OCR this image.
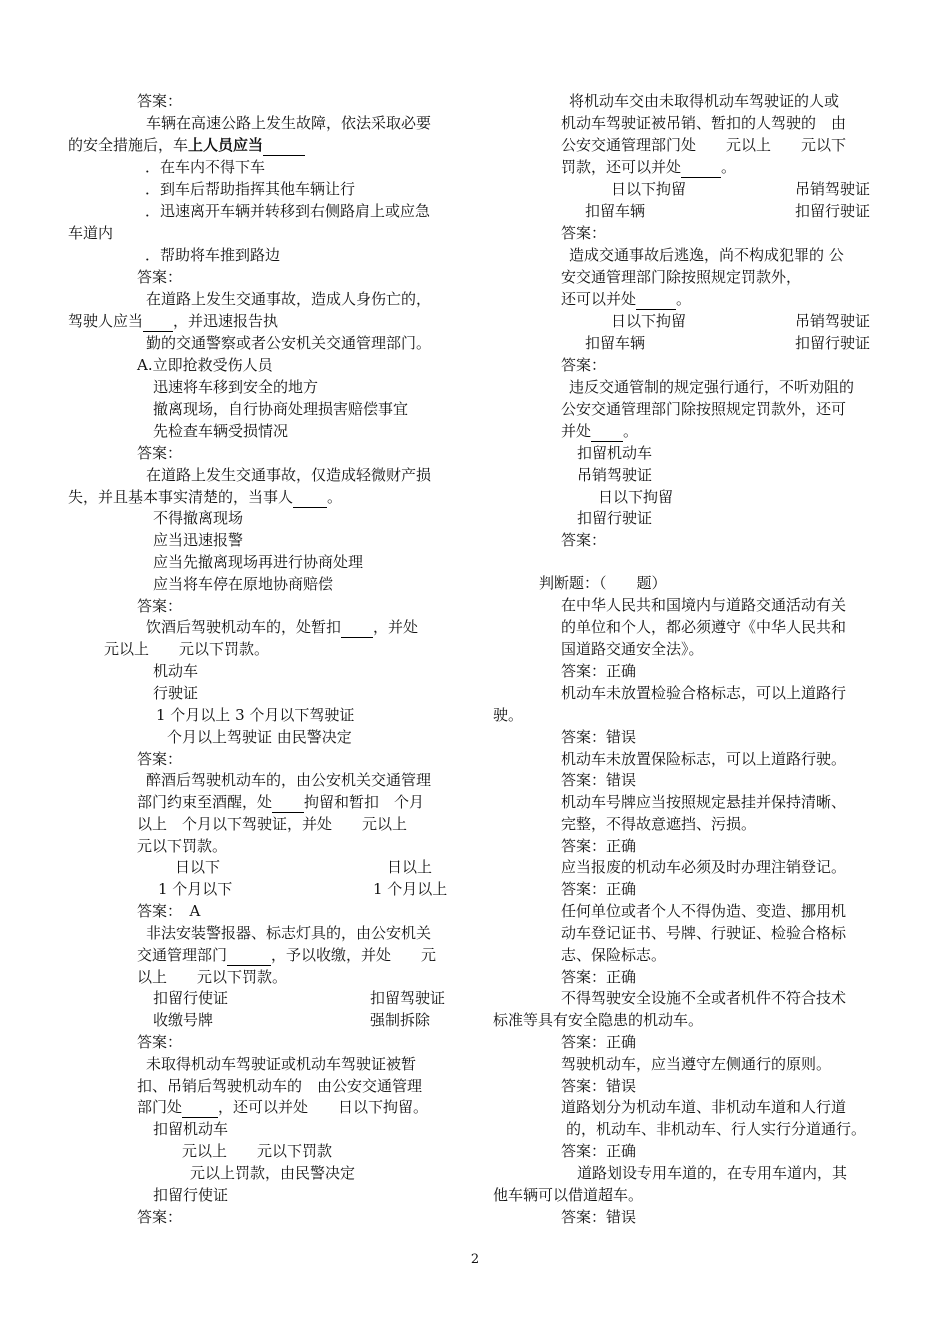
答案：
车辆在高速公路上发生故障，依法采取必要
的安全措施后，车上人员应当
．在车内不得下车
．到车后帮助指挥其他车辆让行
．迅速离开车辆并转移到右侧路肩上或应急
车道内
．帮助将车推到路边
答案：
在道路上发生交通事故，造成人身伤亡的，
驾驶人应当 ，并迅速报告执
勤的交通警察或者公安机关交通管理部门。
A.立即抢救受伤人员
迅速将车移到安全的地方
撤离现场，自行协商处理损害赔偿事宜
先检查车辆受损情况
答案：
在道路上发生交通事故，仅造成轻微财产损
失，并且基本事实清楚的，当事人 。
不得撤离现场
应当迅速报警
应当先撤离现场再进行协商处理
应当将车停在原地协商赔偿
答案：
饮酒后驾驶机动车的，处暂扣 ，并处
元以上　　元以下罚款。
机动车
行驶证
1 个月以上 3 个月以下驾驶证
个月以上驾驶证 由民警决定
答案：
醉酒后驾驶机动车的，由公安机关交通管理
部门约束至酒醒，处 拘留和暂扣　个月
以上　个月以下驾驶证，并处　　元以上
元以下罚款。
日以下	日以上
1 个月以下	1 个月以上
答案：　A
非法安装警报器、标志灯具的，由公安机关
交通管理部门	，予以收缴，并处　　元
以上　　元以下罚款。
扣留行使证	扣留驾驶证
收缴号牌	强制拆除
答案：
未取得机动车驾驶证或机动车驾驶证被暂
扣、吊销后驾驶机动车的　由公安交通管理
部门处 ，还可以并处　　日以下拘留。
扣留机动车
元以上　　元以下罚款
元以上罚款，由民警决定
扣留行使证
答案：
将机动车交由未取得机动车驾驶证的人或
机动车驾驶证被吊销、暂扣的人驾驶的　由
公安交通管理部门处　　元以上　　元以下
罚款，还可以并处	。
日以下拘留	吊销驾驶证
扣留车辆	扣留行驶证
答案：
造成交通事故后逃逸，尚不构成犯罪的 公
安交通管理部门除按照规定罚款外，
还可以并处	。
日以下拘留	吊销驾驶证
扣留车辆	扣留行驶证
答案：
违反交通管制的规定强行通行，不听劝阻的
公安交通管理部门除按照规定罚款外，还可
并处 。
扣留机动车
吊销驾驶证
日以下拘留
扣留行驶证
答案：
判断题：（　　题）
在中华人民共和国境内与道路交通活动有关
的单位和个人，都必须遵守《中华人民共和
国道路交通安全法》。
答案：正确
机动车未放置检验合格标志，可以上道路行
驶。
答案：错误
机动车未放置保险标志，可以上道路行驶。
答案：错误
机动车号牌应当按照规定悬挂并保持清晰、
完整，不得故意遮挡、污损。
答案：正确
应当报废的机动车必须及时办理注销登记。
答案：正确
任何单位或者个人不得伪造、变造、挪用机
动车登记证书、号牌、行驶证、检验合格标
志、保险标志。
答案：正确
不得驾驶安全设施不全或者机件不符合技术
标准等具有安全隐患的机动车。
答案：正确
驾驶机动车，应当遵守左侧通行的原则。
答案：错误
道路划分为机动车道、非机动车道和人行道
的，机动车、非机动车、行人实行分道通行。
答案：正确
道路划设专用车道的，在专用车道内，其
他车辆可以借道超车。
答案：错误
2
